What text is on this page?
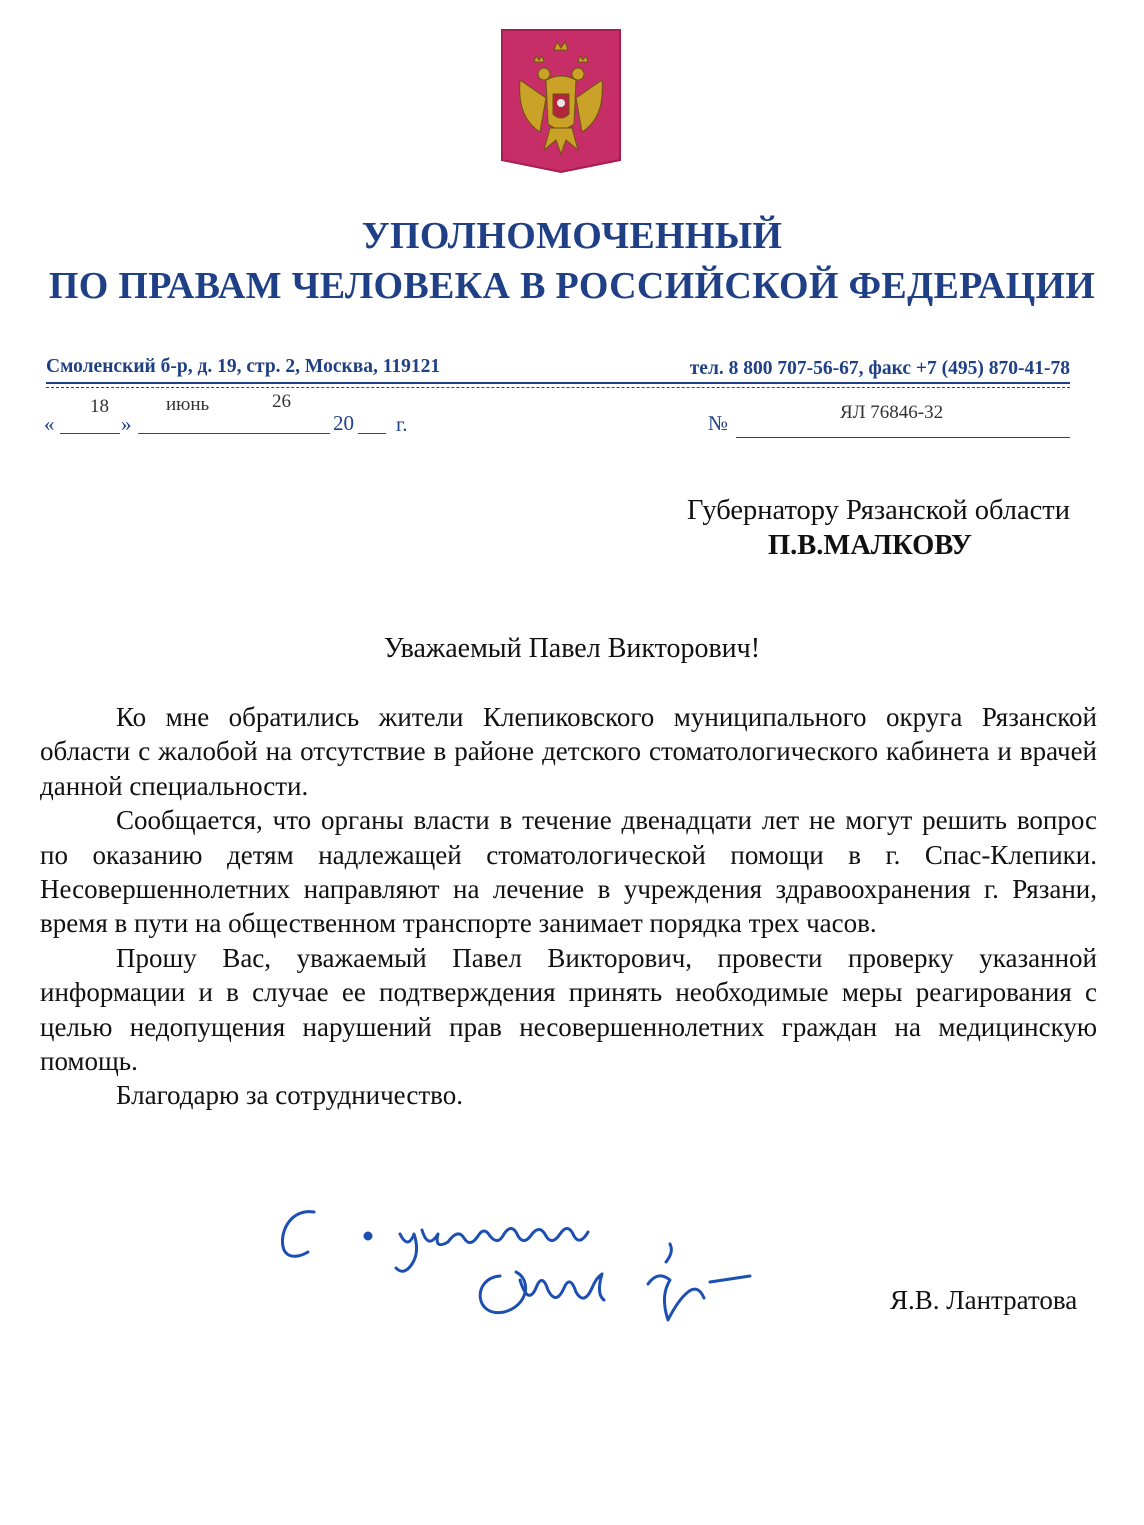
УПОЛНОМОЧЕННЫЙ
ПО ПРАВАМ ЧЕЛОВЕКА В РОССИЙСКОЙ ФЕДЕРАЦИИ
Смоленский б-р, д. 19, стр. 2, Москва, 119121	тел. 8 800 707-56-67, факс +7 (495) 870-41-78
«
18
»
июнь
20
26
г.	№	ЯЛ 76846-32
Губернатору Рязанской области
П.В.МАЛКОВУ
Уважаемый Павел Викторович!

Ко мне обратились жители Клепиковского муниципального округа Рязанской области с жалобой на отсутствие в районе детского стоматологического кабинета и врачей данной специальности.

Сообщается, что органы власти в течение двенадцати лет не могут решить вопрос по оказанию детям надлежащей стоматологической помощи в г. Спас-Клепики. Несовершеннолетних направляют на лечение в учреждения здравоохранения г. Рязани, время в пути на общественном транспорте занимает порядка трех часов.

Прошу Вас, уважаемый Павел Викторович, провести проверку указанной информации и в случае ее подтверждения принять необходимые меры реагирования с целью недопущения нарушений прав несовершеннолетних граждан на медицинскую помощь.

Благодарю за сотрудничество.

Я.В. Лантратова
